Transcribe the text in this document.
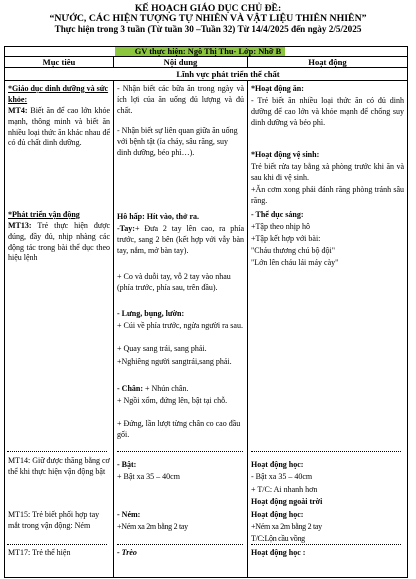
KẾ HOẠCH GIÁO DỤC CHỦ ĐỀ:
“NƯỚC, CÁC HIỆN TƯỢNG TỰ NHIÊN VÀ VẬT LIỆU THIÊN NHIÊN”
Thực hiện trong 3 tuần (Từ tuần 30 –Tuần 32) Từ 14/4/2025 đến ngày 2/5/2025
GV thực hiện: Ngô Thị Thu- Lớp: Nhỡ B
Mục tiêu	Nội dung	Hoạt động
Lĩnh vực phát triển thể chất
*Giáo dục dinh dưỡng và sức khỏe:
MT4: Biết ăn để cao lớn khỏe mạnh, thông minh và biết ăn nhiều loại thức ăn khác nhau để có đủ chất dinh dưỡng.
*Phát triển vận động
MT13: Trẻ thực hiện được đúng, đầy đủ, nhịp nhàng các động tác trong bài thể dục theo hiệu lệnh
MT14: Giữ được thăng bằng cơ thể khi thực hiện vận động bật
MT15: Trẻ biết phối hợp tay mắt trong vận động: Ném
MT17: Trẻ thể hiện
- Nhận biết các bữa ăn trong ngày và ích lợi của ăn uống đủ lượng và đủ chất.
- Nhận biết sự liên quan giữa ăn uống với bệnh tật (ỉa chảy, sâu răng, suy dinh dưỡng, béo phì…).
Hô hấp: Hít vào, thở ra.
-Tay:+ Đưa 2 tay lên cao, ra phía trước, sang 2 bên (kết hợp với vẫy bàn tay, nắm, mở bàn tay).
+ Co và duỗi tay, vỗ 2 tay vào nhau (phía trước, phía sau, trên đầu).
- Lưng, bụng, lườn:
+ Cúi về phía trước, ngửa người ra sau.
+ Quay sang trái, sang phải.
+Nghiêng người sangtrái,sang phải.
- Chân: + Nhún chân.
+ Ngồi xổm, đứng lên, bật tại chỗ.
+ Đứng, lần lượt từng chân co cao đầu gối.
- Bật:
+ Bật xa 35 – 40cm
- Ném:
+Ném xa 2m bằng 2 tay
- Trèo
*Hoạt động ăn:
- Trẻ biết ăn nhiều loại thức ăn có đủ dinh dưỡng để cao lớn và khỏe mạnh để chống suy dinh dưỡng và béo phì.
*Hoạt động vệ sinh:
Trẻ biết rửa tay bằng xà phòng trước khi ăn và sau khi đi vệ sinh.
+Ăn cơm xong phải đánh răng phòng tránh sâu răng.
- Thể dục sáng:
+Tập theo nhịp hô
+Tập kết hợp với bài:
"Cháu thương chú bộ đội"
"Lớn lên cháu lái máy cày"
Hoạt động học:
- Bật xa 35 – 40cm
+ T/C: Ai nhanh hơn
Hoạt động ngoài trời
Hoạt động học:
+Ném xa 2m bằng 2 tay
T/C:Lộn cầu vồng
Hoạt động học :
